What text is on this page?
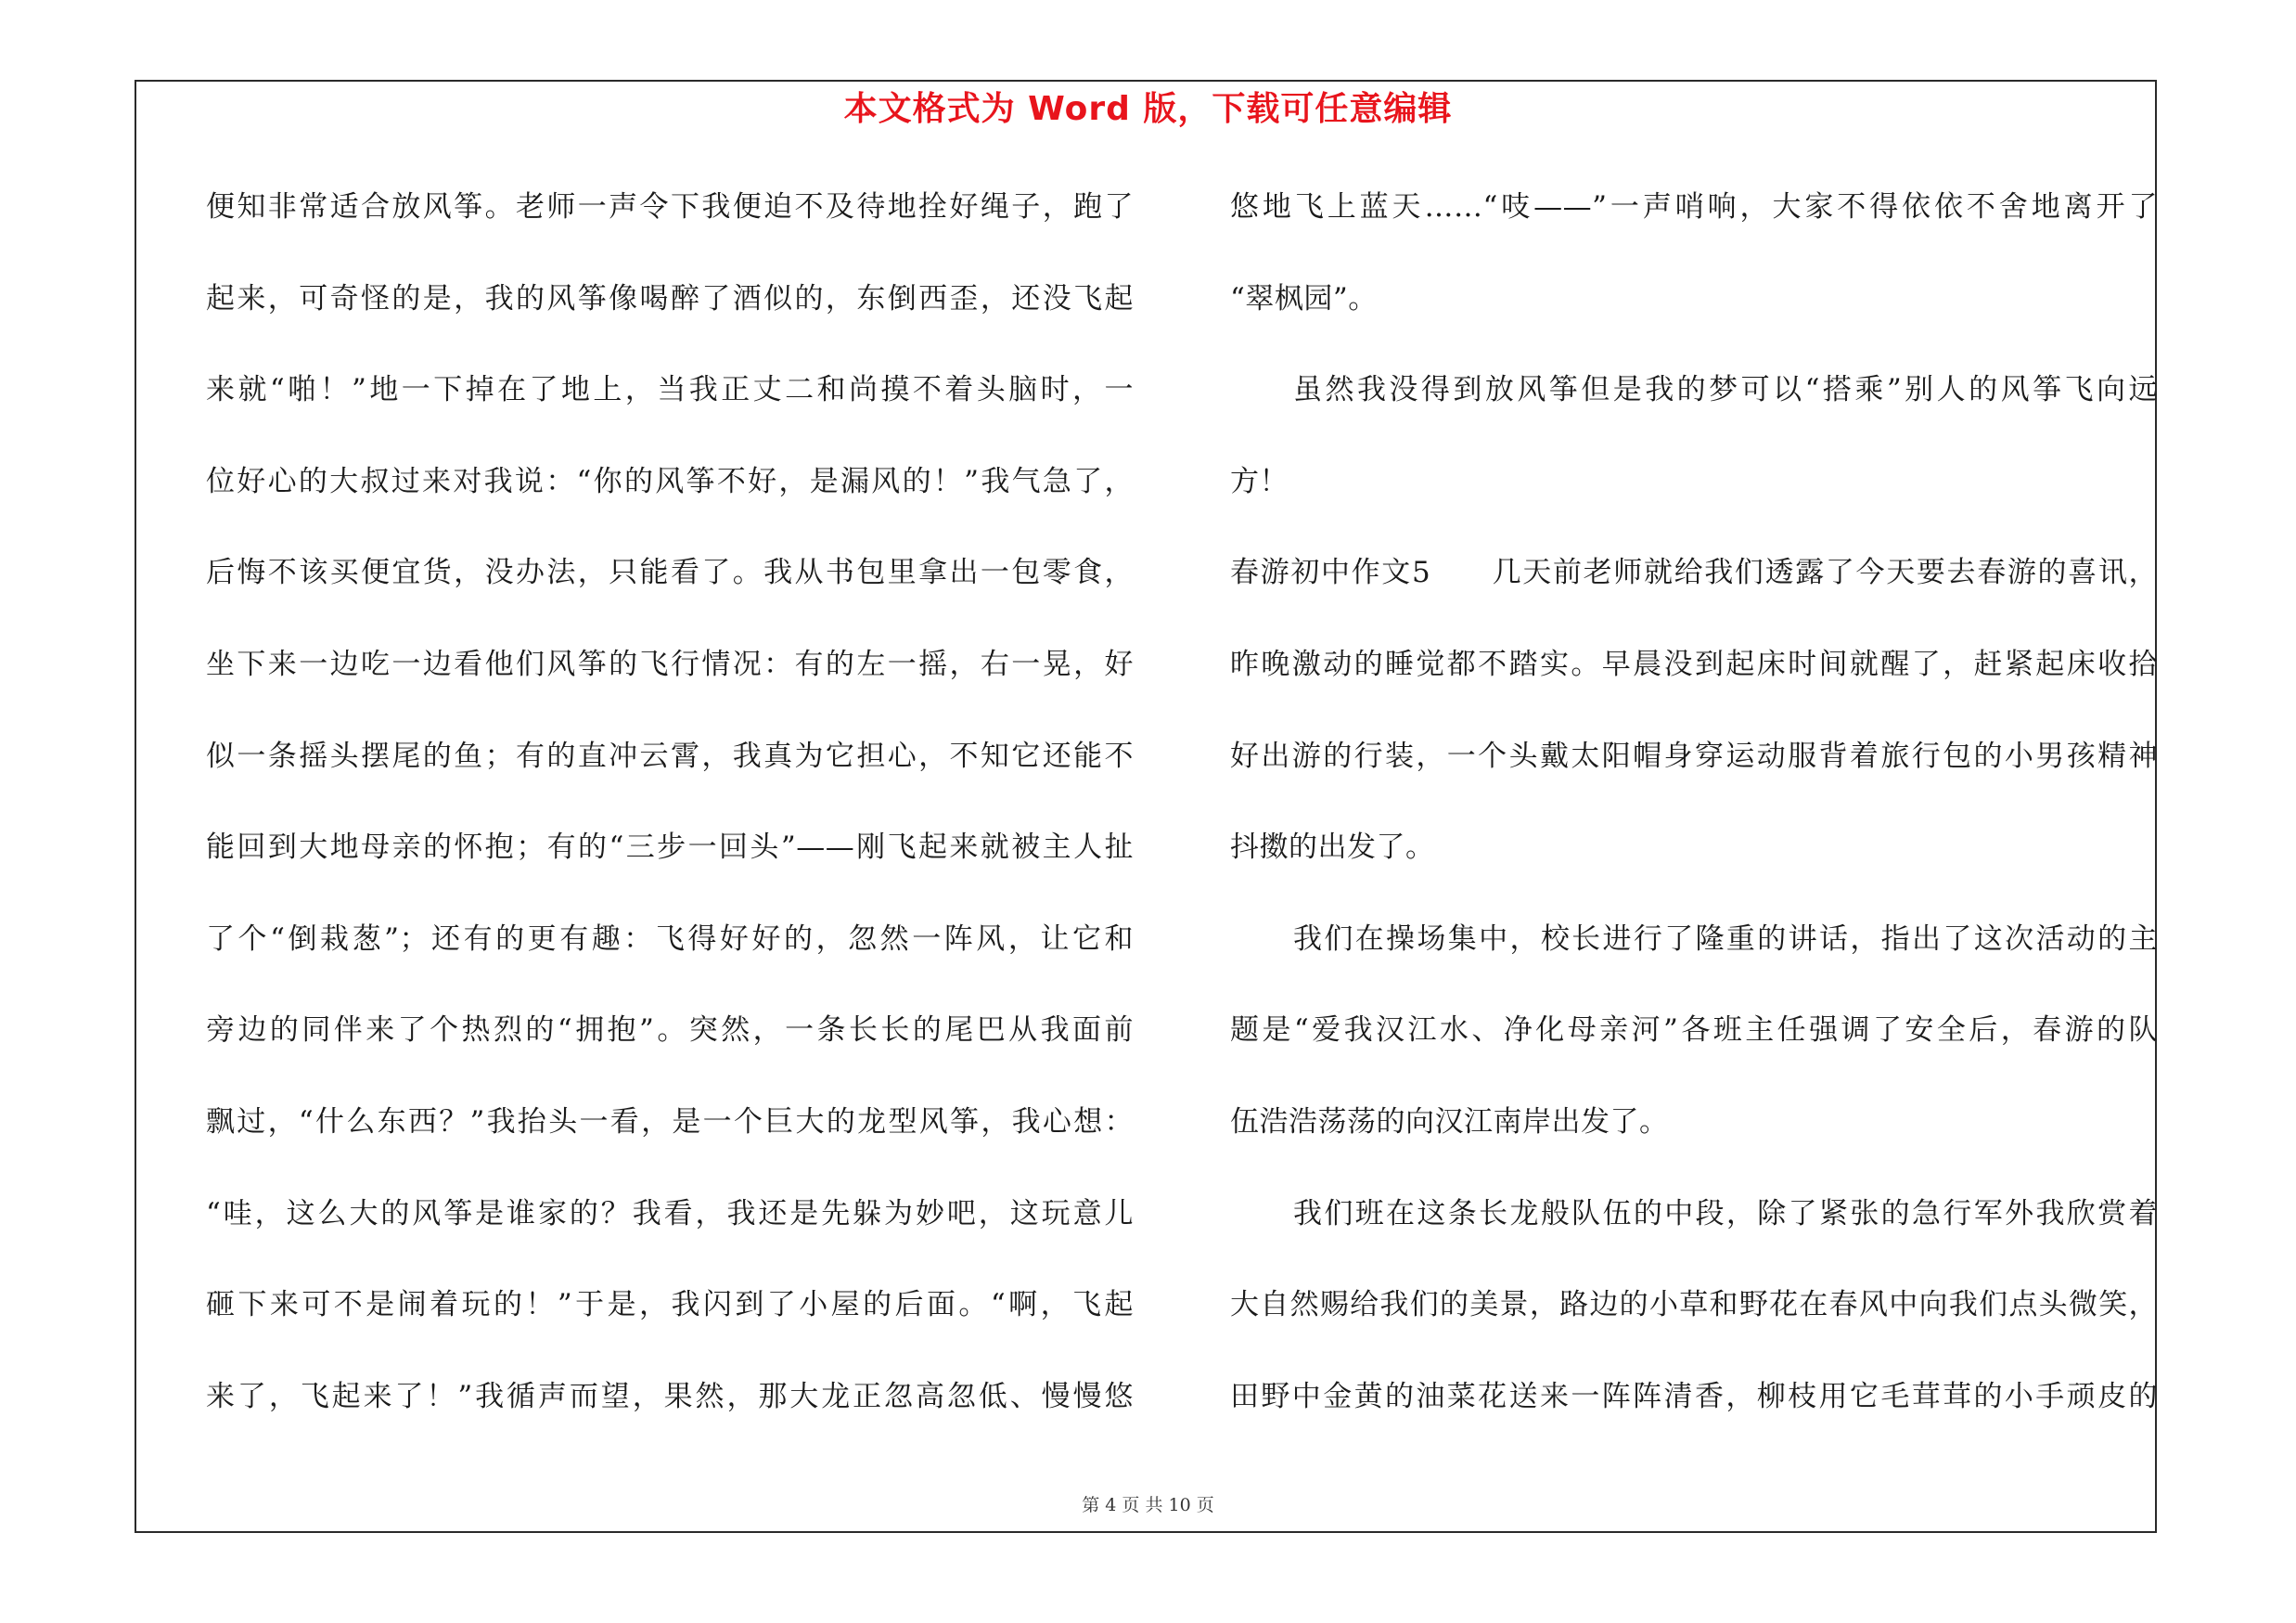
本文格式为 Word 版，下载可任意编辑
便知非常适合放风筝。老师一声令下我便迫不及待地拴好绳子，跑了
起来，可奇怪的是，我的风筝像喝醉了酒似的，东倒西歪，还没飞起
来就“啪！”地一下掉在了地上，当我正丈二和尚摸不着头脑时，一
位好心的大叔过来对我说：“你的风筝不好，是漏风的！”我气急了，
后悔不该买便宜货，没办法，只能看了。我从书包里拿出一包零食，
坐下来一边吃一边看他们风筝的飞行情况：有的左一摇，右一晃，好
似一条摇头摆尾的鱼；有的直冲云霄，我真为它担心，不知它还能不
能回到大地母亲的怀抱；有的“三步一回头”——刚飞起来就被主人扯
了个“倒栽葱”；还有的更有趣：飞得好好的，忽然一阵风，让它和
旁边的同伴来了个热烈的“拥抱”。突然，一条长长的尾巴从我面前
飘过，“什么东西？”我抬头一看，是一个巨大的龙型风筝，我心想：
“哇，这么大的风筝是谁家的？我看，我还是先躲为妙吧，这玩意儿
砸下来可不是闹着玩的！”于是，我闪到了小屋的后面。“啊，飞起
来了，飞起来了！”我循声而望，果然，那大龙正忽高忽低、慢慢悠
悠地飞上蓝天……“吱——”一声哨响，大家不得依依不舍地离开了
“翠枫园”。
虽然我没得到放风筝但是我的梦可以“搭乘”别人的风筝飞向远
方！
春游初中作文5　　几天前老师就给我们透露了今天要去春游的喜讯，
昨晚激动的睡觉都不踏实。早晨没到起床时间就醒了，赶紧起床收拾
好出游的行装，一个头戴太阳帽身穿运动服背着旅行包的小男孩精神
抖擞的出发了。
我们在操场集中，校长进行了隆重的讲话，指出了这次活动的主
题是“爱我汉江水、净化母亲河”各班主任强调了安全后，春游的队
伍浩浩荡荡的向汉江南岸出发了。
我们班在这条长龙般队伍的中段，除了紧张的急行军外我欣赏着
大自然赐给我们的美景，路边的小草和野花在春风中向我们点头微笑，
田野中金黄的油菜花送来一阵阵清香，柳枝用它毛茸茸的小手顽皮的
第 4 页 共 10 页
